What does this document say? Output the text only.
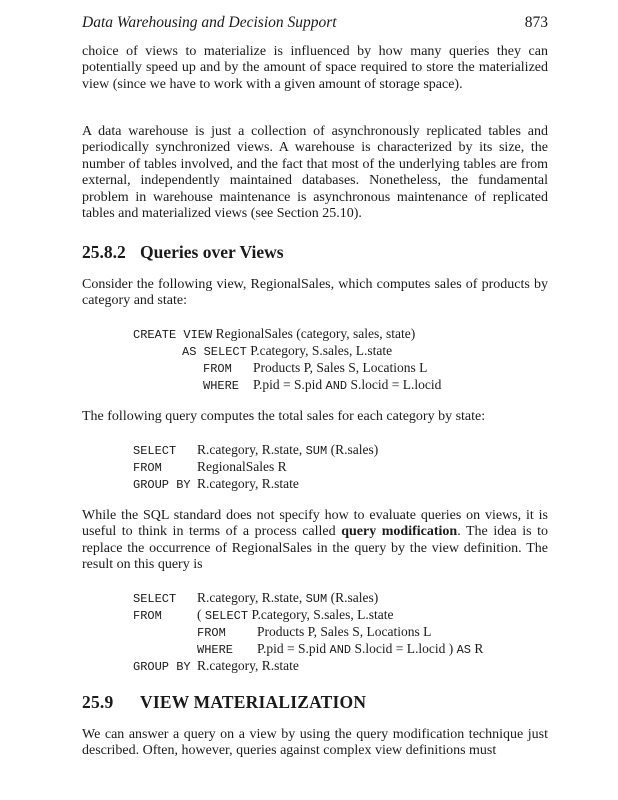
Data Warehousing and Decision Support	873

choice of views to materialize is influenced by how many queries they can potentially speed up and by the amount of space required to store the materialized view (since we have to work with a given amount of storage space).

A data warehouse is just a collection of asynchronously replicated tables and periodically synchronized views. A warehouse is characterized by its size, the number of tables involved, and the fact that most of the underlying tables are from external, independently maintained databases. Nonetheless, the fundamental problem in warehouse maintenance is asynchronous maintenance of replicated tables and materialized views (see Section 25.10).

25.8.2 Queries over Views

Consider the following view, RegionalSales, which computes sales of products by category and state:

CREATE VIEW RegionalSales (category, sales, state)

AS SELECT P.category, S.sales, L.state

FROM Products P, Sales S, Locations L

WHERE P.pid = S.pid AND S.locid = L.locid

The following query computes the total sales for each category by state:

SELECT R.category, R.state, SUM (R.sales)

FROM	RegionalSales R

GROUP BY R.category, R.state

While the SQL standard does not specify how to evaluate queries on views, it is useful to think in terms of a process called query modification. The idea is to replace the occurrence of RegionalSales in the query by the view definition. The result on this query is

SELECT R.category, R.state, SUM (R.sales)

FROM	( SELECT P.category, S.sales, L.state

FROM Products P, Sales S, Locations L

WHERE P.pid = S.pid AND S.locid = L.locid ) AS R

GROUP BY R.category, R.state

25.9 VIEW MATERIALIZATION

We can answer a query on a view by using the query modification technique just described. Often, however, queries against complex view definitions must
